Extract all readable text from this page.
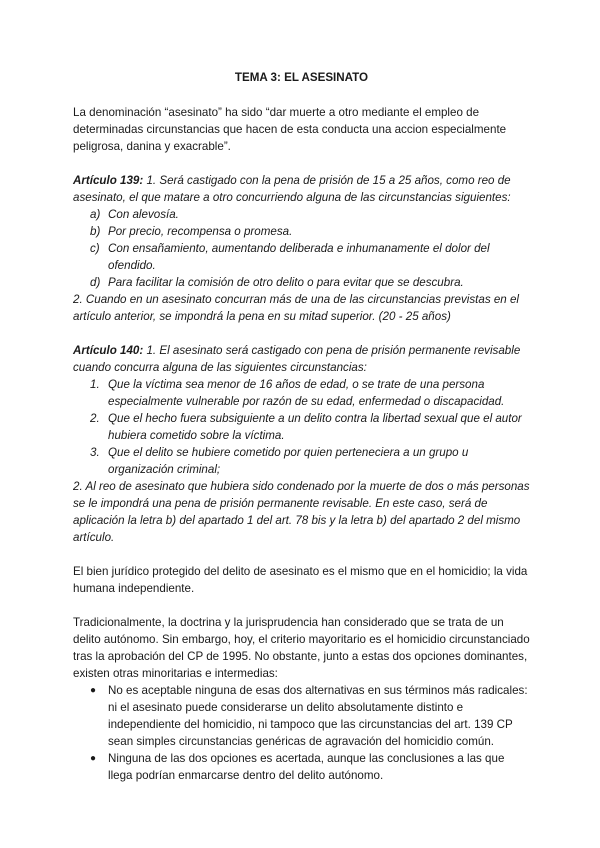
TEMA 3: EL ASESINATO

La denominación “asesinato” ha sido “dar muerte a otro mediante el empleo de determinadas circunstancias que hacen de esta conducta una accion especialmente peligrosa, danina y exacrable”.

Artículo 139: 1. Será castigado con la pena de prisión de 15 a 25 años, como reo de asesinato, el que matare a otro concurriendo alguna de las circunstancias siguientes:

a) Con alevosía.
b) Por precio, recompensa o promesa.
c) Con ensañamiento, aumentando deliberada e inhumanamente el dolor del ofendido.
d) Para facilitar la comisión de otro delito o para evitar que se descubra.

2. Cuando en un asesinato concurran más de una de las circunstancias previstas en el artículo anterior, se impondrá la pena en su mitad superior. (20 - 25 años)

Artículo 140: 1. El asesinato será castigado con pena de prisión permanente revisable cuando concurra alguna de las siguientes circunstancias:

1. Que la víctima sea menor de 16 años de edad, o se trate de una persona especialmente vulnerable por razón de su edad, enfermedad o discapacidad.
2. Que el hecho fuera subsiguiente a un delito contra la libertad sexual que el autor hubiera cometido sobre la víctima.
3. Que el delito se hubiere cometido por quien perteneciera a un grupo u organización criminal;

2. Al reo de asesinato que hubiera sido condenado por la muerte de dos o más personas se le impondrá una pena de prisión permanente revisable. En este caso, será de aplicación la letra b) del apartado 1 del art. 78 bis y la letra b) del apartado 2 del mismo artículo.

El bien jurídico protegido del delito de asesinato es el mismo que en el homicidio; la vida humana independiente.

Tradicionalmente, la doctrina y la jurisprudencia han considerado que se trata de un delito autónomo. Sin embargo, hoy, el criterio mayoritario es el homicidio circunstanciado tras la aprobación del CP de 1995. No obstante, junto a estas dos opciones dominantes, existen otras minoritarias e intermedias:

● No es aceptable ninguna de esas dos alternativas en sus términos más radicales: ni el asesinato puede considerarse un delito absolutamente distinto e independiente del homicidio, ni tampoco que las circunstancias del art. 139 CP sean simples circunstancias genéricas de agravación del homicidio común.
● Ninguna de las dos opciones es acertada, aunque las conclusiones a las que llega podrían enmarcarse dentro del delito autónomo.
